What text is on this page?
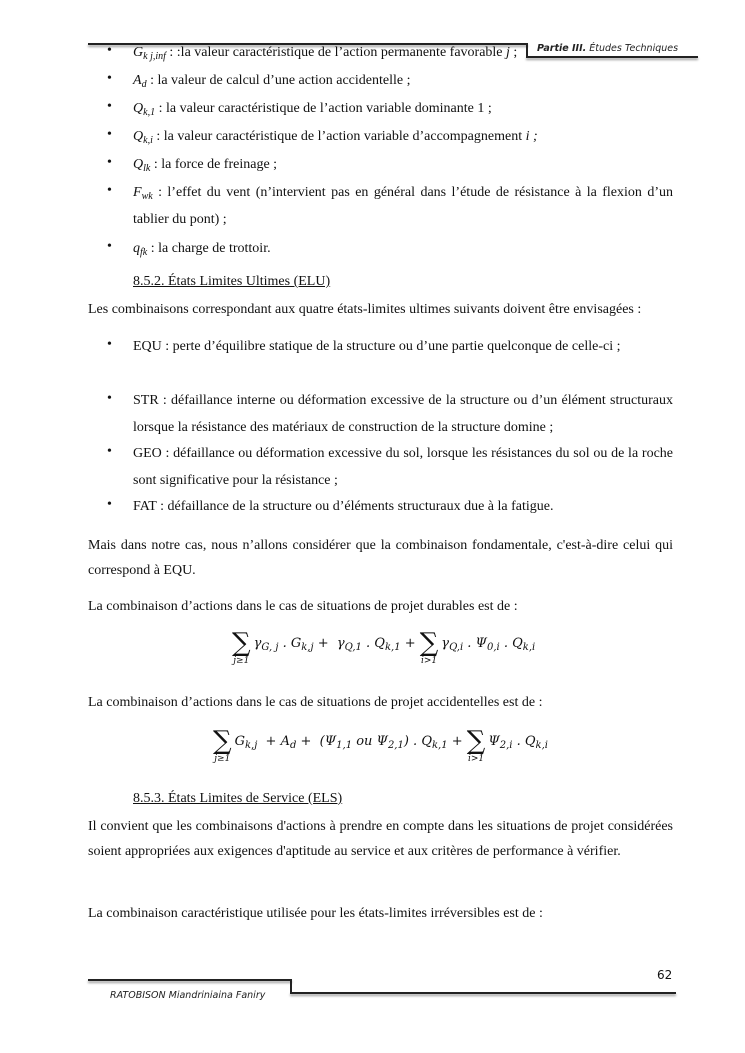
Partie III. Études Techniques
• $G_{k j,inf}$ : :la valeur caractéristique de l’action permanente favorable j ;
• $A_d$ : la valeur de calcul d’une action accidentelle ;
• $Q_{k,1}$ : la valeur caractéristique de l’action variable dominante 1 ;
• $Q_{k,i}$ : la valeur caractéristique de l’action variable d’accompagnement i ;
• $Q_{lk}$ : la force de freinage ;
• $F_{wk}$ : l’effet du vent (n’intervient pas en général dans l’étude de résistance à la flexion d’un tablier du pont) ;
• $q_{fk}$ : la charge de trottoir.
8.5.2. États Limites Ultimes (ELU)
Les combinaisons correspondant aux quatre états-limites ultimes suivants doivent être envisagées :
• EQU : perte d’équilibre statique de la structure ou d’une partie quelconque de celle-ci ;
• STR : défaillance interne ou déformation excessive de la structure ou d’un élément structuraux lorsque la résistance des matériaux de construction de la structure domine ;
• GEO : défaillance ou déformation excessive du sol, lorsque les résistances du sol ou de la roche sont significative pour la résistance ;
• FAT : défaillance de la structure ou d’éléments structuraux due à la fatigue.
Mais dans notre cas, nous n’allons considérer que la combinaison fondamentale, c'est-à-dire celui qui correspond à EQU.
La combinaison d’actions dans le cas de situations de projet durables est de :
∑
j≥1
$\gamma_{G, j}$ . $G_{k,j} + \gamma_{Q,1}$ . $Q_{k,1}$ + ∑
i>1
$\gamma_{Q,i}$ . $\Psi_{0,i}$ . $Q_{k,i}$
La combinaison d’actions dans le cas de situations de projet accidentelles est de :
∑
j≥1
$G_{k,j} + A_d + (\Psi_{1,1}$ ou $\Psi_{2,1}$ ) . $Q_{k,1}$ + ∑
i>1
$\Psi_{2,i}$ . $Q_{k,i}$
8.5.3. États Limites de Service (ELS)
Il convient que les combinaisons d'actions à prendre en compte dans les situations de projet considérées soient appropriées aux exigences d'aptitude au service et aux critères de performance à vérifier.
La combinaison caractéristique utilisée pour les états-limites irréversibles est de :
62
RATOBISON Miandriniaina Faniry
